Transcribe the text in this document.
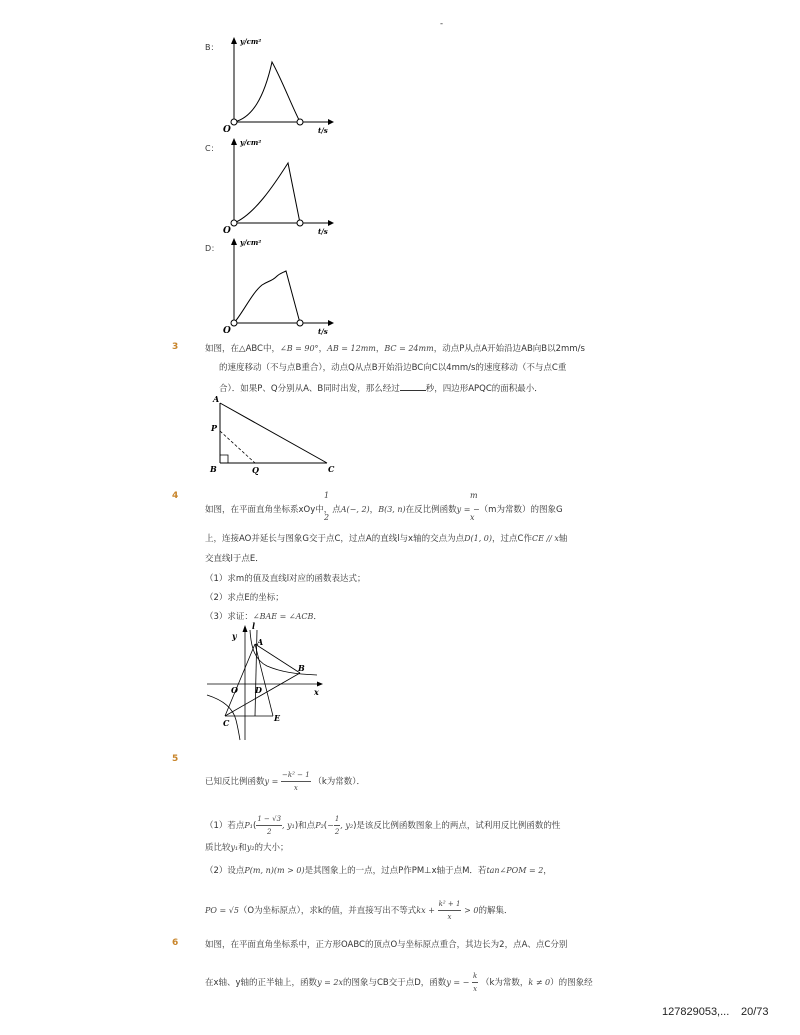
-
B：
y/cm²
O	t/s
C：
y/cm²
O	t/s
D：
y/cm²
O	t/s
3	如图，在△ABC中，∠B = 90°，AB = 12mm，BC = 24mm，动点P从点A开始沿边AB向B以2mm/s
的速度移动（不与点B重合），动点Q从点B开始沿边BC向C以4mm/s的速度移动（不与点C重
合）．如果P、Q分别从A、B同时出发，那么经过	秒，四边形APQC的面积最小．
A
P
B	Q	C
4
如图，在平面直角坐标系xOy中，点A(−, 2)，B(3, n)在反比例函数y = −（m为常数）的图象G
1
2
m
x
上，连接AO并延长与图象G交于点C，过点A的直线l与x轴的交点为点D(1, 0)，过点C作CE // x轴
交直线l于点E．
（1）求m的值及直线l对应的函数表达式；
（2）求点E的坐标；
（3）求证：∠BAE = ∠ACB．
y
l
A
B
O D	x
C	E
5
已知反比例函数$y = \frac{\text{−k² − 1}}{x} (k$为常数）．
（1）若点$P_1( \frac{1 - √3}{2}$ , y₁)和点$P_2(- \frac{1}{2}$ , y₂)是该反比例函数图象上的两点，试利用反比例函数的性
质比较y₁和y₂的大小；
（2）设点P(m, n)(m > 0)是其图象上的一点，过点P作PM⊥x轴于点M．若tan∠POM = 2，
PO = √5（O为坐标原点），求k的值，并直接写出不等式kx + $\frac{\text{k² + 1}}{x} > 0$的解集．
6	如图，在平面直角坐标系中，正方形OABC的顶点O与坐标原点重合，其边长为2，点A、点C分别
在x轴、y轴的正半轴上，函数y = 2x的图象与CB交于点D，函数y = − $\frac{k}{x} (k$为常数，k ≠ 0）的图象经
127829053,... 20/73
